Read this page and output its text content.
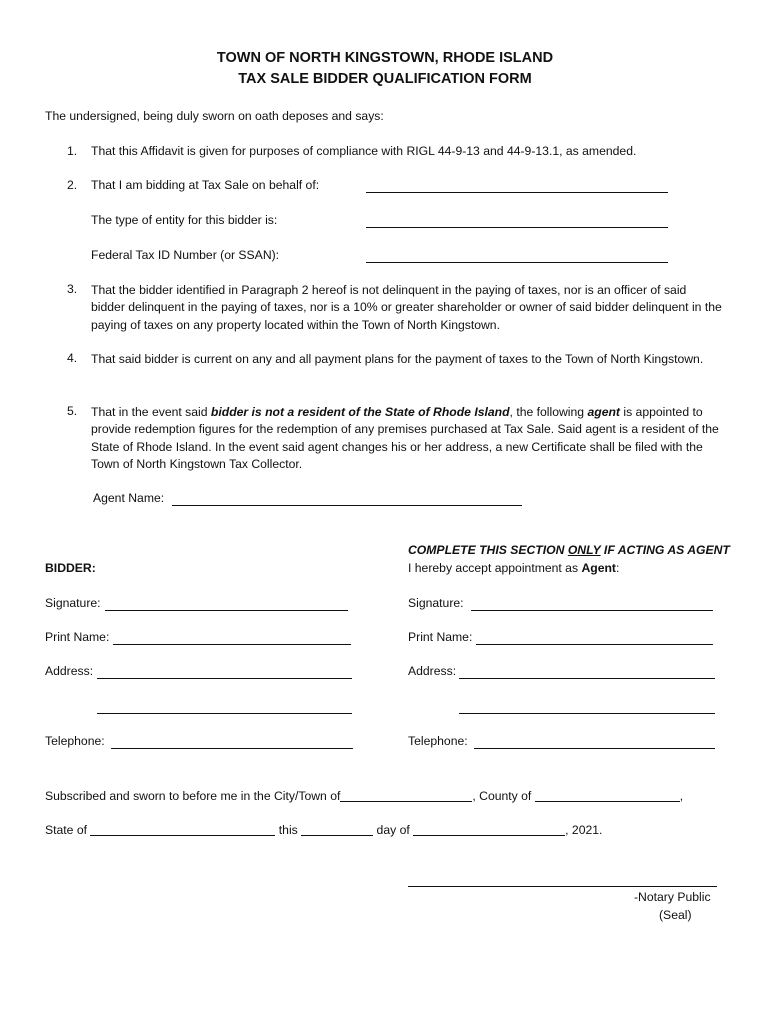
TOWN OF NORTH KINGSTOWN, RHODE ISLAND
TAX SALE BIDDER QUALIFICATION FORM
The undersigned, being duly sworn on oath deposes and says:
1. That this Affidavit is given for purposes of compliance with RIGL 44-9-13 and 44-9-13.1, as amended.
2. That I am bidding at Tax Sale on behalf of:
The type of entity for this bidder is:
Federal Tax ID Number (or SSAN):
3. That the bidder identified in Paragraph 2 hereof is not delinquent in the paying of taxes, nor is an officer of said bidder delinquent in the paying of taxes, nor is a 10% or greater shareholder or owner of said bidder delinquent in the paying of taxes on any property located within the Town of North Kingstown.
4. That said bidder is current on any and all payment plans for the payment of taxes to the Town of North Kingstown.
5. That in the event said bidder is not a resident of the State of Rhode Island, the following agent is appointed to provide redemption figures for the redemption of any premises purchased at Tax Sale. Said agent is a resident of the State of Rhode Island. In the event said agent changes his or her address, a new Certificate shall be filed with the Town of North Kingstown Tax Collector.
Agent Name:
COMPLETE THIS SECTION ONLY IF ACTING AS AGENT
I hereby accept appointment as Agent:
BIDDER:
Signature:
Print Name:
Address:
Telephone:
Signature:
Print Name:
Address:
Telephone:
Subscribed and sworn to before me in the City/Town of	, County of	,
State of	this	day of	, 2021.
-Notary Public
(Seal)
